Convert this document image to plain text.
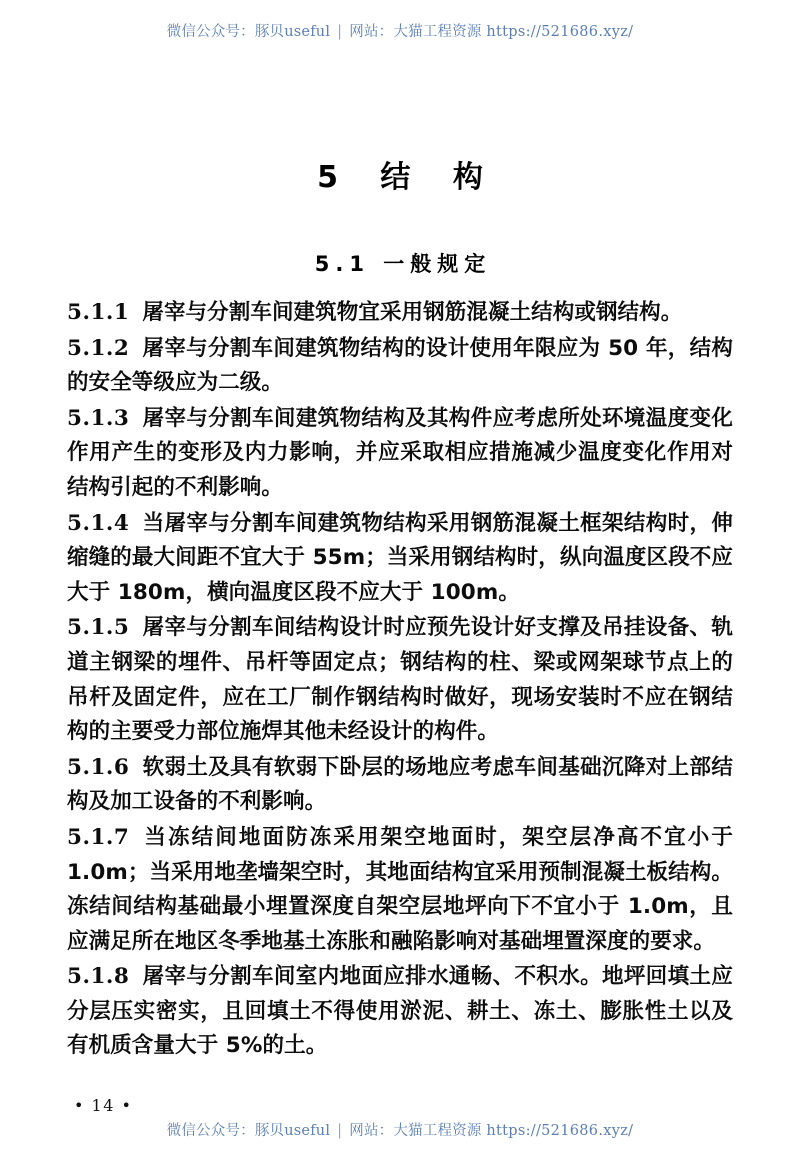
微信公众号：豚贝useful | 网站：大猫工程资源 https://521686.xyz/
5 结 构
5.1 一般规定

5.1.1 屠宰与分割车间建筑物宜采用钢筋混凝土结构或钢结构。

5.1.2 屠宰与分割车间建筑物结构的设计使用年限应为 50 年，结构的安全等级应为二级。

5.1.3 屠宰与分割车间建筑物结构及其构件应考虑所处环境温度变化作用产生的变形及内力影响，并应采取相应措施减少温度变化作用对结构引起的不利影响。

5.1.4 当屠宰与分割车间建筑物结构采用钢筋混凝土框架结构时，伸缩缝的最大间距不宜大于 55m；当采用钢结构时，纵向温度区段不应大于 180m，横向温度区段不应大于 100m。

5.1.5 屠宰与分割车间结构设计时应预先设计好支撑及吊挂设备、轨道主钢梁的埋件、吊杆等固定点；钢结构的柱、梁或网架球节点上的吊杆及固定件，应在工厂制作钢结构时做好，现场安装时不应在钢结构的主要受力部位施焊其他未经设计的构件。

5.1.6 软弱土及具有软弱下卧层的场地应考虑车间基础沉降对上部结构及加工设备的不利影响。

5.1.7 当冻结间地面防冻采用架空地面时，架空层净高不宜小于 1.0m；当采用地垄墙架空时，其地面结构宜采用预制混凝土板结构。冻结间结构基础最小埋置深度自架空层地坪向下不宜小于 1.0m，且应满足所在地区冬季地基土冻胀和融陷影响对基础埋置深度的要求。

5.1.8 屠宰与分割车间室内地面应排水通畅、不积水。地坪回填土应分层压实密实，且回填土不得使用淤泥、耕土、冻土、膨胀性土以及有机质含量大于 5%的土。

• 14 •
微信公众号：豚贝useful | 网站：大猫工程资源 https://521686.xyz/
